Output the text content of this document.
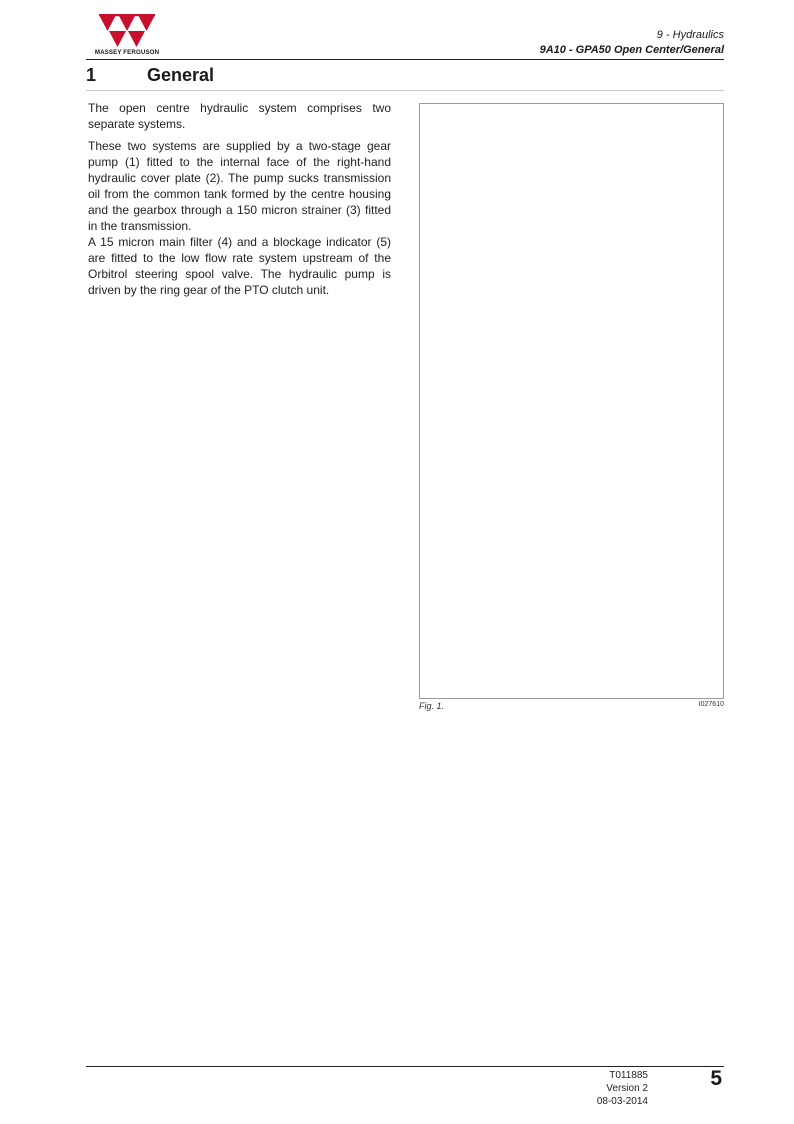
MASSEY FERGUSON
9 - Hydraulics
9A10 - GPA50 Open Center/General
1	General

The open centre hydraulic system comprises two separate systems.

These two systems are supplied by a two-stage gear pump (1) fitted to the internal face of the right-hand hydraulic cover plate (2). The pump sucks transmission oil from the common tank formed by the centre housing and the gearbox through a 150 micron strainer (3) fitted in the transmission.

A 15 micron main filter (4) and a blockage indicator (5) are fitted to the low flow rate system upstream of the Orbitrol steering spool valve. The hydraulic pump is driven by the ring gear of the PTO clutch unit.

Fig. 1.	I027610
T011885
Version 2
08-03-2014
5
